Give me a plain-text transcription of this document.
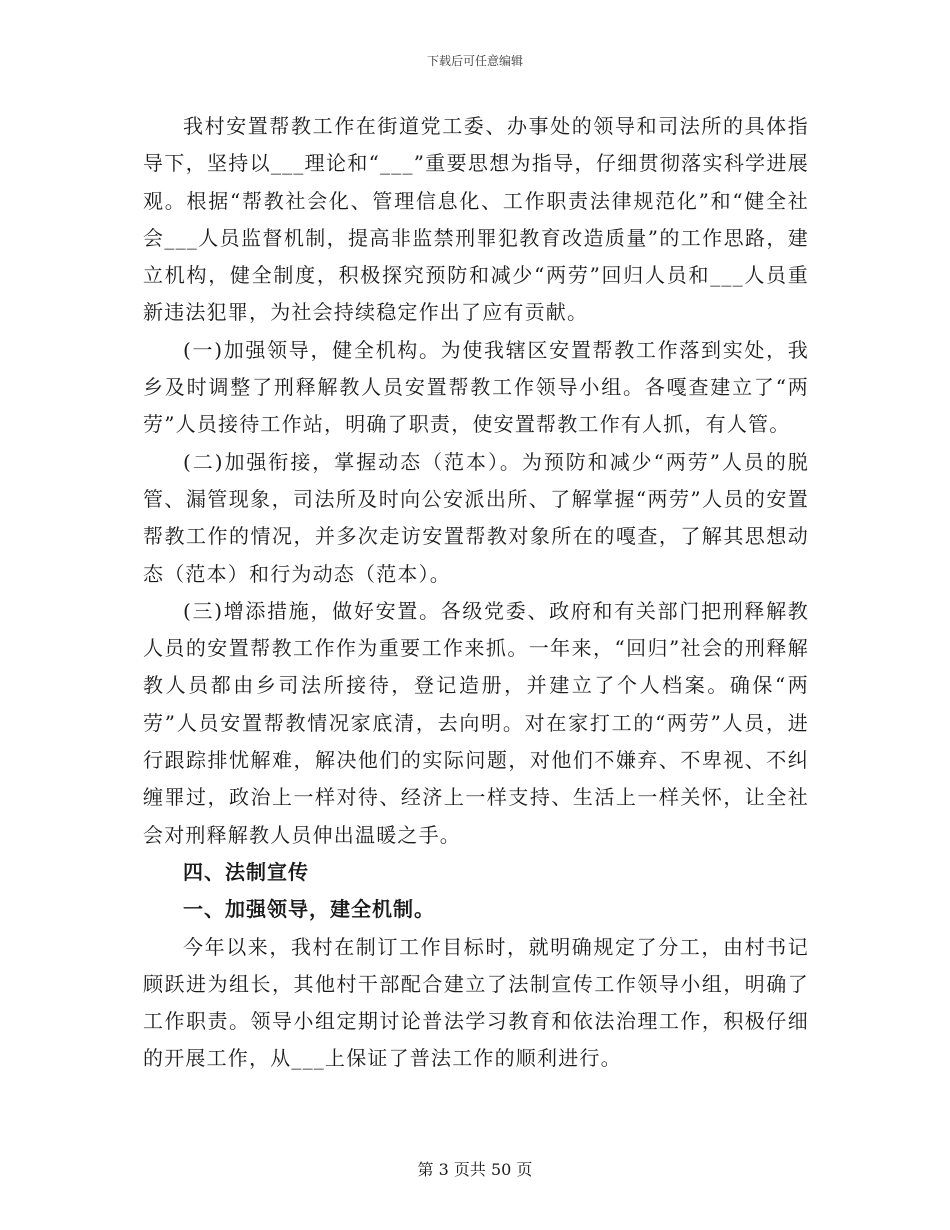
下载后可任意编辑

我村安置帮教工作在街道党工委、办事处的领导和司法所的具体指导下，坚持以___理论和“___”重要思想为指导，仔细贯彻落实科学进展观。根据“帮教社会化、管理信息化、工作职责法律规范化”和“健全社会___人员监督机制，提高非监禁刑罪犯教育改造质量”的工作思路，建立机构，健全制度，积极探究预防和减少“两劳”回归人员和___人员重新违法犯罪，为社会持续稳定作出了应有贡献。

(一)加强领导，健全机构。为使我辖区安置帮教工作落到实处，我乡及时调整了刑释解教人员安置帮教工作领导小组。各嘎查建立了“两劳”人员接待工作站，明确了职责，使安置帮教工作有人抓，有人管。

(二)加强衔接，掌握动态（范本）。为预防和减少“两劳”人员的脱管、漏管现象，司法所及时向公安派出所、了解掌握“两劳”人员的安置帮教工作的情况，并多次走访安置帮教对象所在的嘎查，了解其思想动态（范本）和行为动态（范本）。

(三)增添措施，做好安置。各级党委、政府和有关部门把刑释解教人员的安置帮教工作作为重要工作来抓。一年来，“回归”社会的刑释解教人员都由乡司法所接待，登记造册，并建立了个人档案。确保“两劳”人员安置帮教情况家底清，去向明。对在家打工的“两劳”人员，进行跟踪排忧解难，解决他们的实际问题，对他们不嫌弃、不卑视、不纠缠罪过，政治上一样对待、经济上一样支持、生活上一样关怀，让全社会对刑释解教人员伸出温暖之手。

四、法制宣传

一、加强领导，建全机制。

今年以来，我村在制订工作目标时，就明确规定了分工，由村书记顾跃进为组长，其他村干部配合建立了法制宣传工作领导小组，明确了工作职责。领导小组定期讨论普法学习教育和依法治理工作，积极仔细的开展工作，从___上保证了普法工作的顺利进行。

第 3 页共 50 页
